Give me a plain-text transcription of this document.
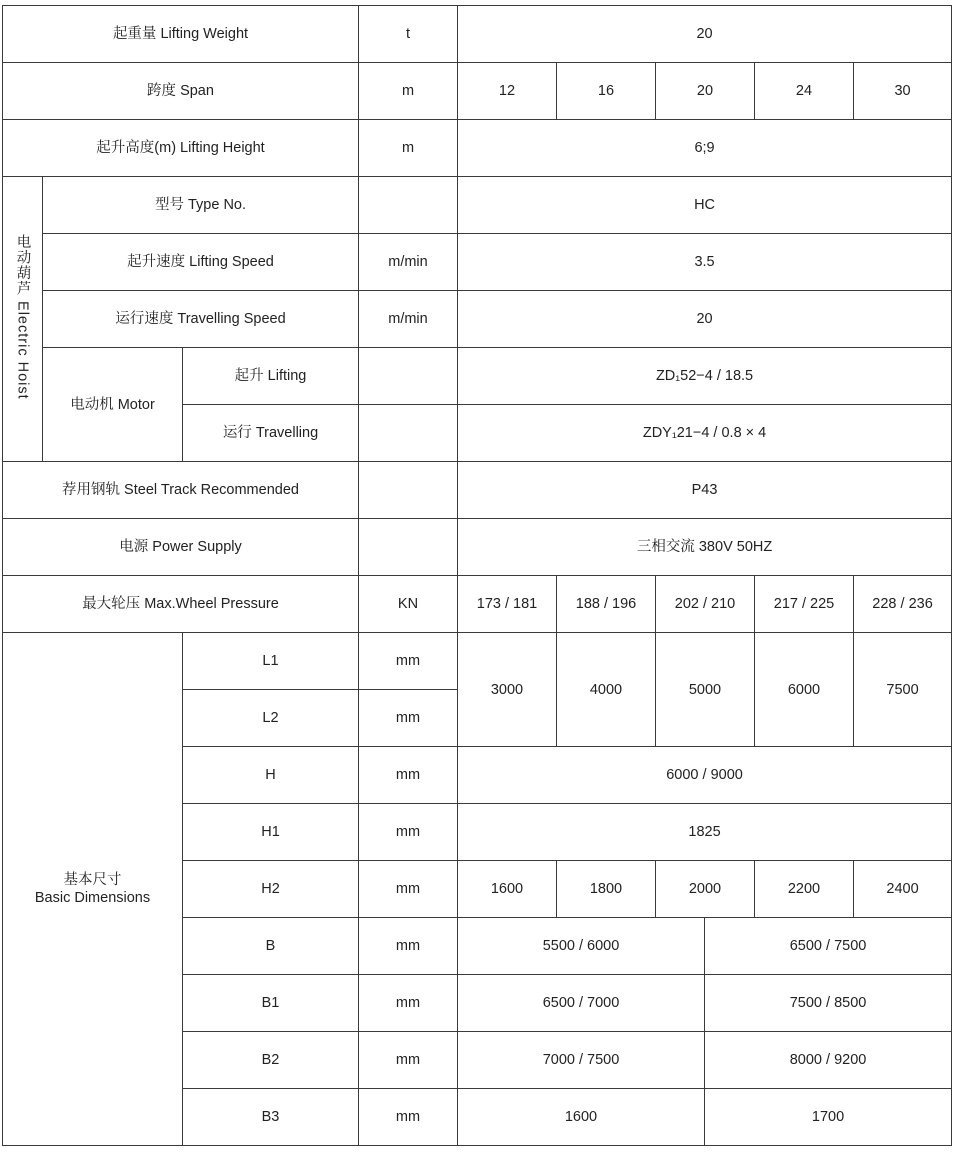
起重量 Lifting Weight			t	20					
跨度 Span			m	12	16	20		24	30
起升高度(m) Lifting Height			m	6;9					
电动葫芦 Electric Hoist	型号 Type No.			HC					
	起升速度 Lifting Speed		m/min	3.5					
	运行速度 Travelling Speed		m/min	20					
	电动机 Motor	起升 Lifting		ZD₁52−4 / 18.5					
		运行 Travelling		ZDY₁21−4 / 0.8 × 4					
荐用钢轨 Steel Track Recommended				P43					
电源 Power Supply				三相交流 380V 50HZ					
最大轮压 Max.Wheel Pressure			KN	173 / 181	188 / 196	202 / 210		217 / 225	228 / 236

基本尺寸
Basic Dimensions		L1	mm	3000	4000	5000		6000	7500
		L2	mm						
		H	mm	6000 / 9000					
		H1	mm	1825					
		H2	mm	1600	1800	2000		2200	2400
		B	mm	5500 / 6000			6500 / 7500		
		B1	mm	6500 / 7000			7500 / 8500		
		B2	mm	7000 / 7500			8000 / 9200		
		B3	mm	1600			1700		
